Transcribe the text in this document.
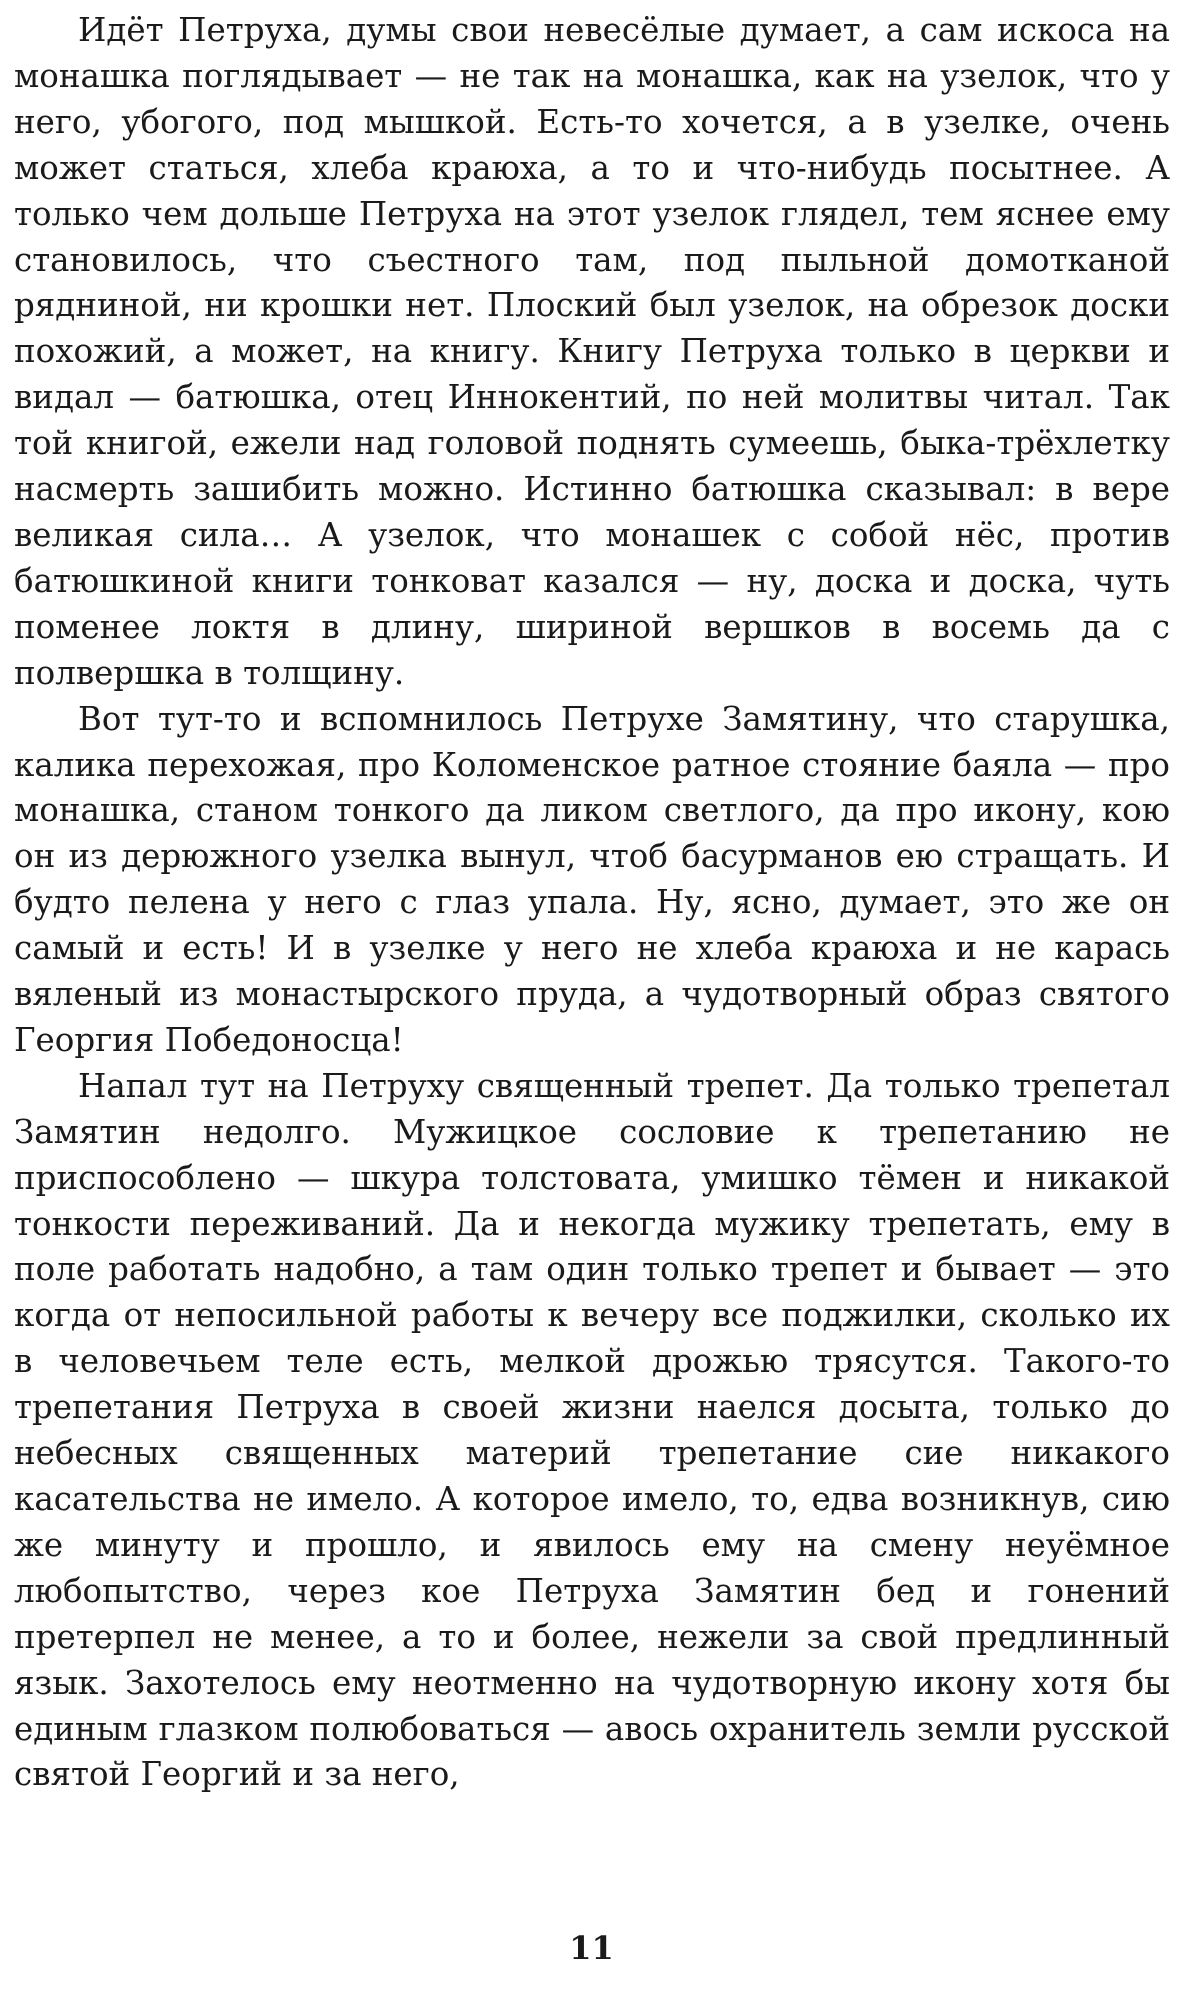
Идёт Петруха, думы свои невесёлые думает, а сам искоса на монашка поглядывает — не так на монашка, как на узелок, что у него, убогого, под мышкой. Есть-то хочется, а в узелке, очень может статься, хлеба краюха, а то и что-нибудь посытнее. А только чем дольше Петруха на этот узелок глядел, тем яснее ему становилось, что съестного там, под пыльной домотканой ряднинoй, ни крошки нет. Плоский был узелок, на обрезок доски похожий, а может, на книгу. Книгу Петруха только в церкви и видал — батюшка, отец Иннокентий, по ней молитвы читал. Так той книгой, ежели над головой поднять сумеешь, быка-трёхлетку насмерть зашибить можно. Истинно батюшка сказывал: в вере великая сила… А узелок, что монашек с собой нёс, против батюшкиной книги тонковат казался — ну, доска и доска, чуть поменее локтя в длину, шириной вершков в восемь да с полвершка в толщину.

Вот тут-то и вспомнилось Петрухе Замятину, что старушка, калика перехожая, про Коломенское ратное стояние баяла — про монашка, станом тонкого да ликом светлого, да про икону, кою он из дерюжного узелка вынул, чтоб басурманов ею стращать. И будто пелена у него с глаз упала. Ну, ясно, думает, это же он самый и есть! И в узелке у него не хлеба краюха и не карась вяленый из монастырского пруда, а чудотворный образ святого Георгия Победоносца!

Напал тут на Петруху священный трепет. Да только трепетал Замятин недолго. Мужицкое сословие к трепетанию не приспособлено — шкура толстовата, умишко тёмен и никакой тонкости переживаний. Да и некогда мужику трепетать, ему в поле работать надобно, а там один только трепет и бывает — это когда от непосильной работы к вечеру все поджилки, сколько их в человечьем теле есть, мелкой дрожью трясутся. Такого-то трепетания Петруха в своей жизни наелся досыта, только до небесных священных материй трепетание сие никакого касательства не имело. А которое имело, то, едва возникнув, сию же минуту и прошло, и явилось ему на смену неуёмное любопытство, через кое Петруха Замятин бед и гонений претерпел не менее, а то и более, нежели за свой предлинный язык. Захотелось ему неотменно на чудотворную икону хотя бы единым глазком полюбоваться — авось охранитель земли русской святой Георгий и за него,

11
